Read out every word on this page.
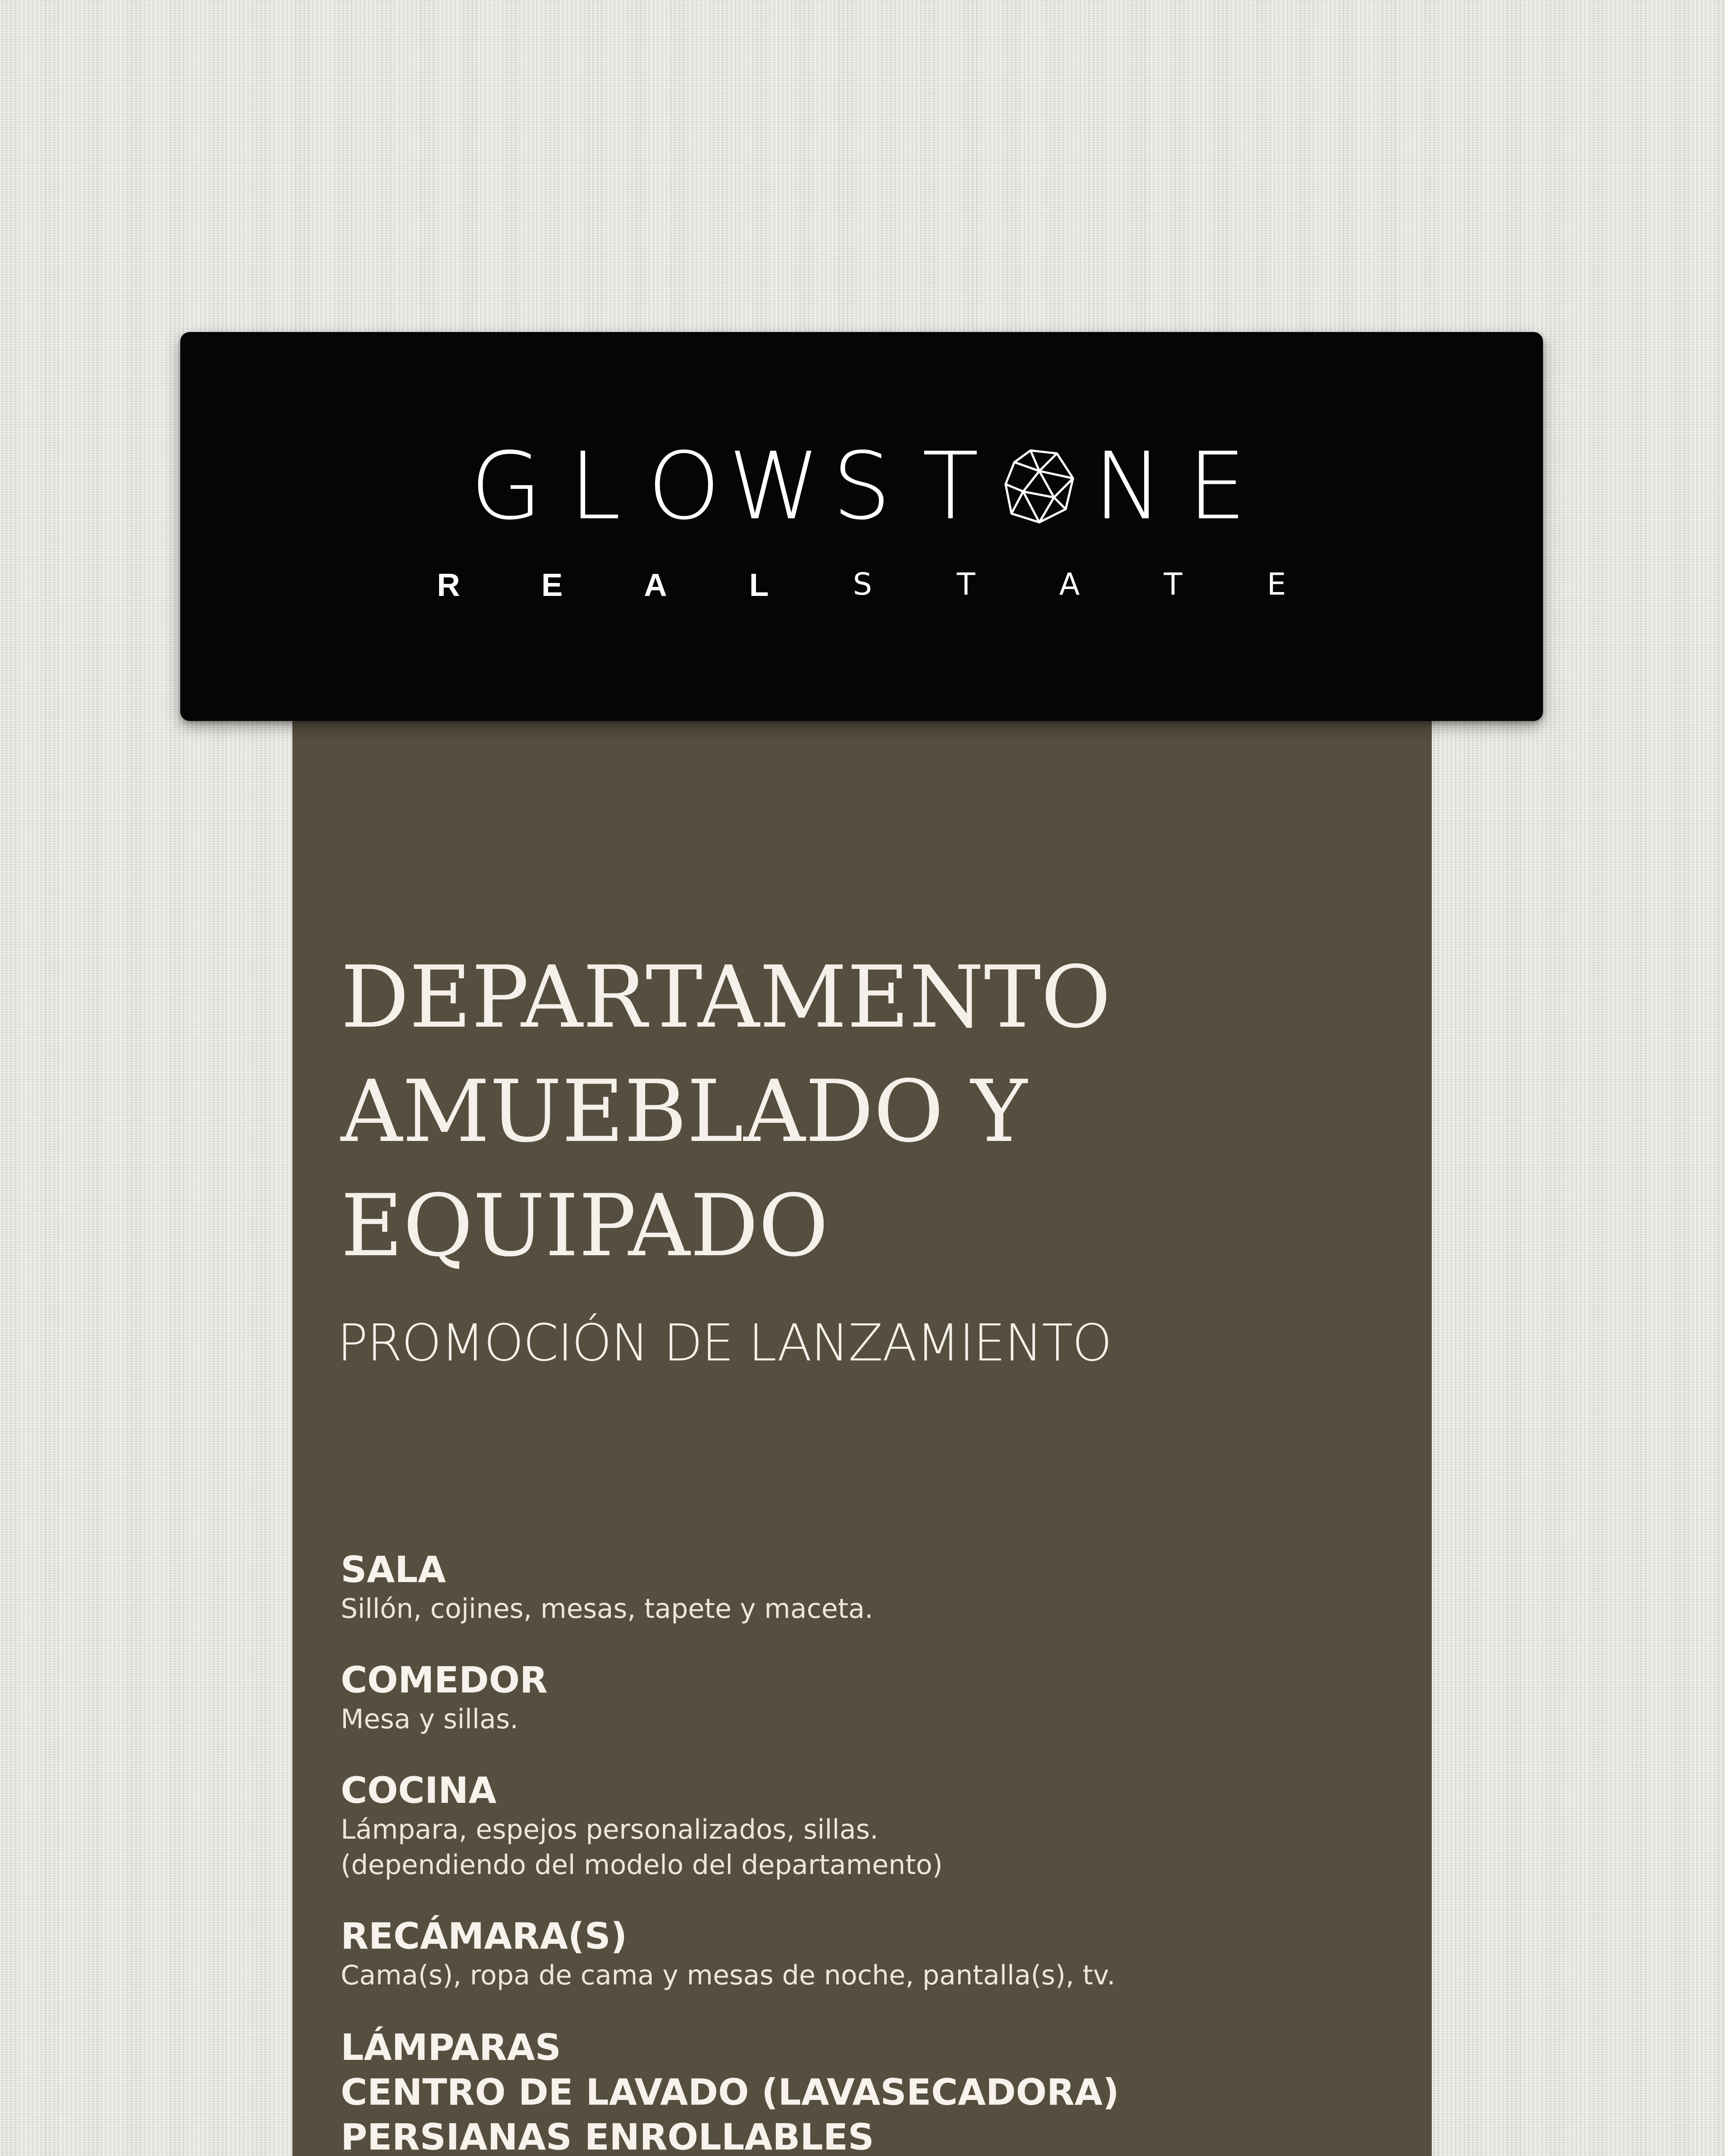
G L O W S T N E
R	E	A	L	S	T	A	T	E
DEPARTAMENTO
AMUEBLADO Y
EQUIPADO
PROMOCIÓN DE LANZAMIENTO
SALA
Sillón, cojines, mesas, tapete y maceta.
COMEDOR
Mesa y sillas.
COCINA
Lámpara, espejos personalizados, sillas.
(dependiendo del modelo del departamento)
RECÁMARA(S)
Cama(s), ropa de cama y mesas de noche, pantalla(s), tv.
LÁMPARAS
CENTRO DE LAVADO (LAVASECADORA)
PERSIANAS ENROLLABLES
